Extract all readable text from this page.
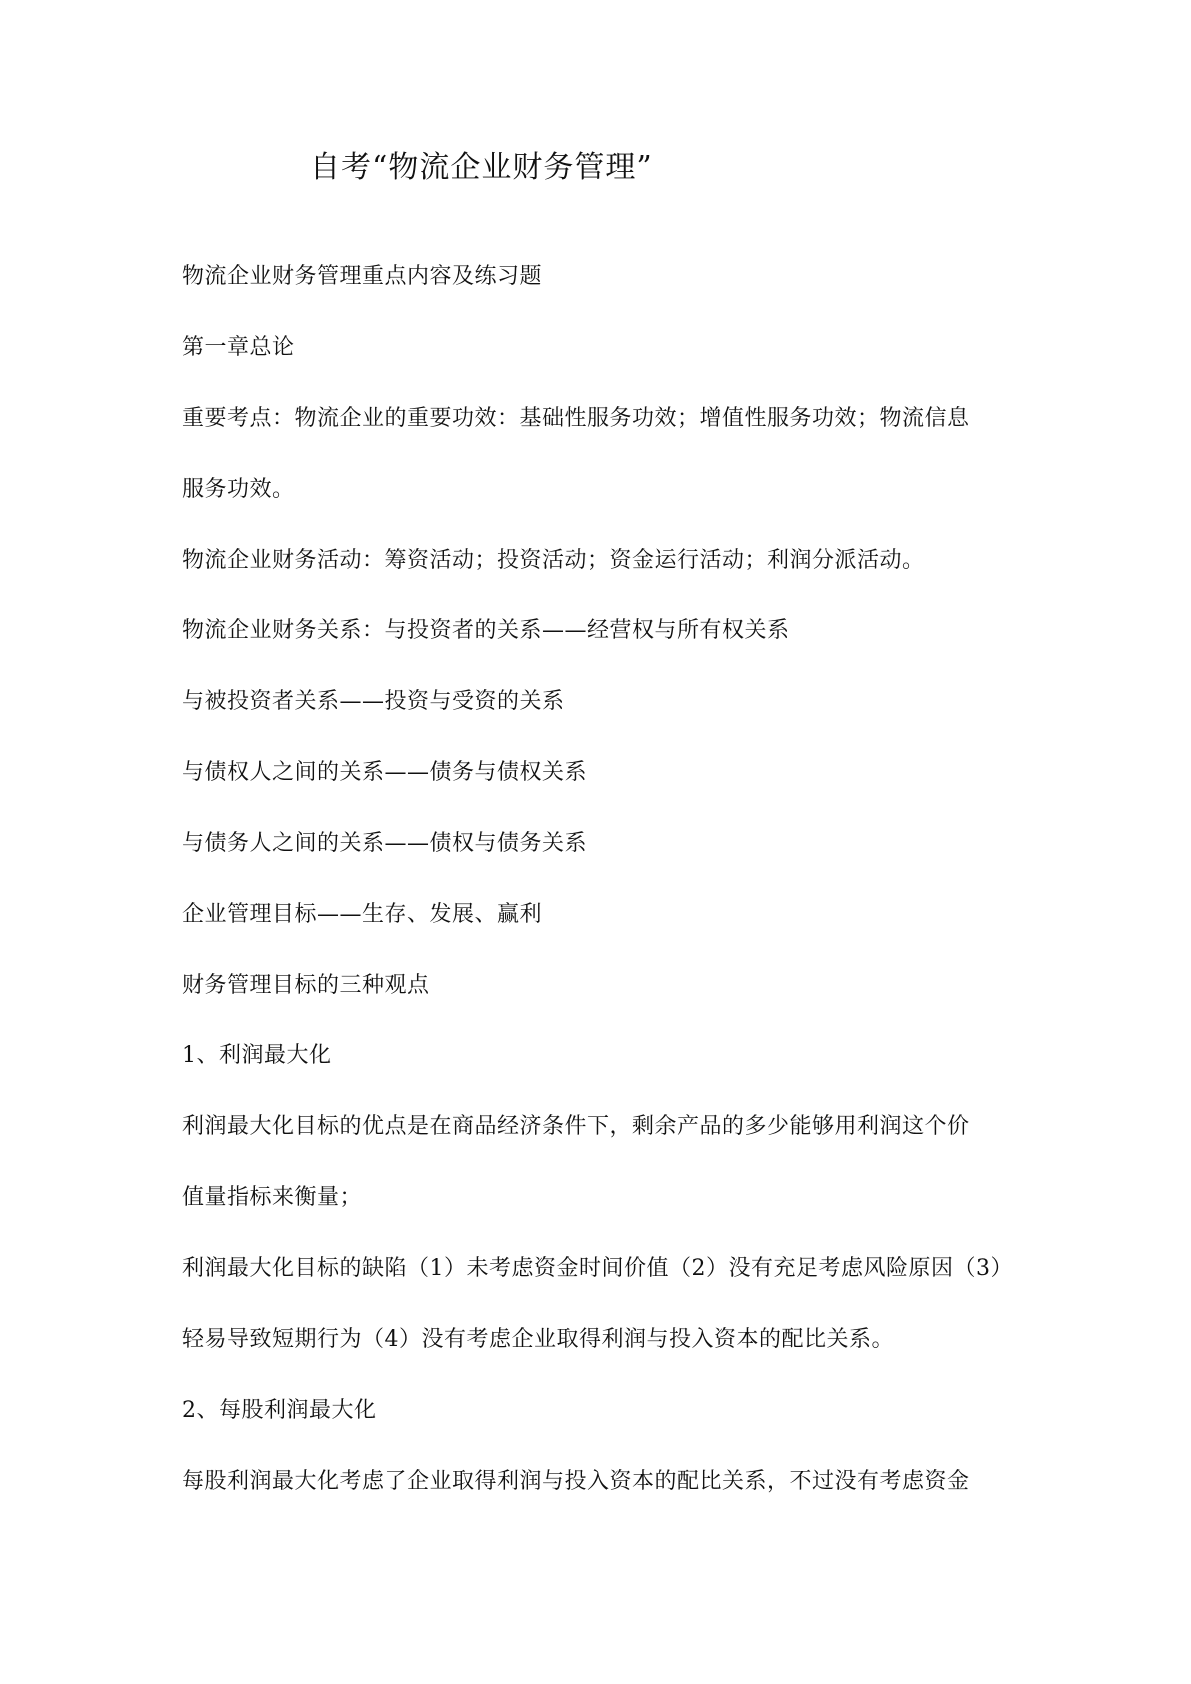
自考“物流企业财务管理”
物流企业财务管理重点内容及练习题
第一章总论
重要考点：物流企业的重要功效：基础性服务功效；增值性服务功效；物流信息
服务功效。
物流企业财务活动：筹资活动；投资活动；资金运行活动；利润分派活动。
物流企业财务关系：与投资者的关系——经营权与所有权关系
与被投资者关系——投资与受资的关系
与债权人之间的关系——债务与债权关系
与债务人之间的关系——债权与债务关系
企业管理目标——生存、发展、赢利
财务管理目标的三种观点
1、利润最大化
利润最大化目标的优点是在商品经济条件下，剩余产品的多少能够用利润这个价
值量指标来衡量；
利润最大化目标的缺陷（1）未考虑资金时间价值（2）没有充足考虑风险原因（3）
轻易导致短期行为（4）没有考虑企业取得利润与投入资本的配比关系。
2、每股利润最大化
每股利润最大化考虑了企业取得利润与投入资本的配比关系，不过没有考虑资金
